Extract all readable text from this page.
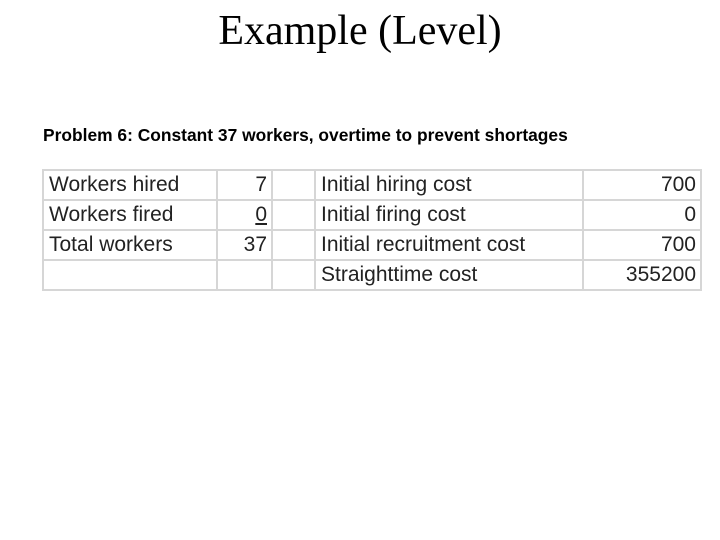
Example (Level)
Problem 6: Constant 37 workers, overtime to prevent shortages
Workers hired	7		Initial hiring cost	700
Workers fired	0		Initial firing cost	0
Total workers	37		Initial recruitment cost	700
			Straighttime cost	355200
